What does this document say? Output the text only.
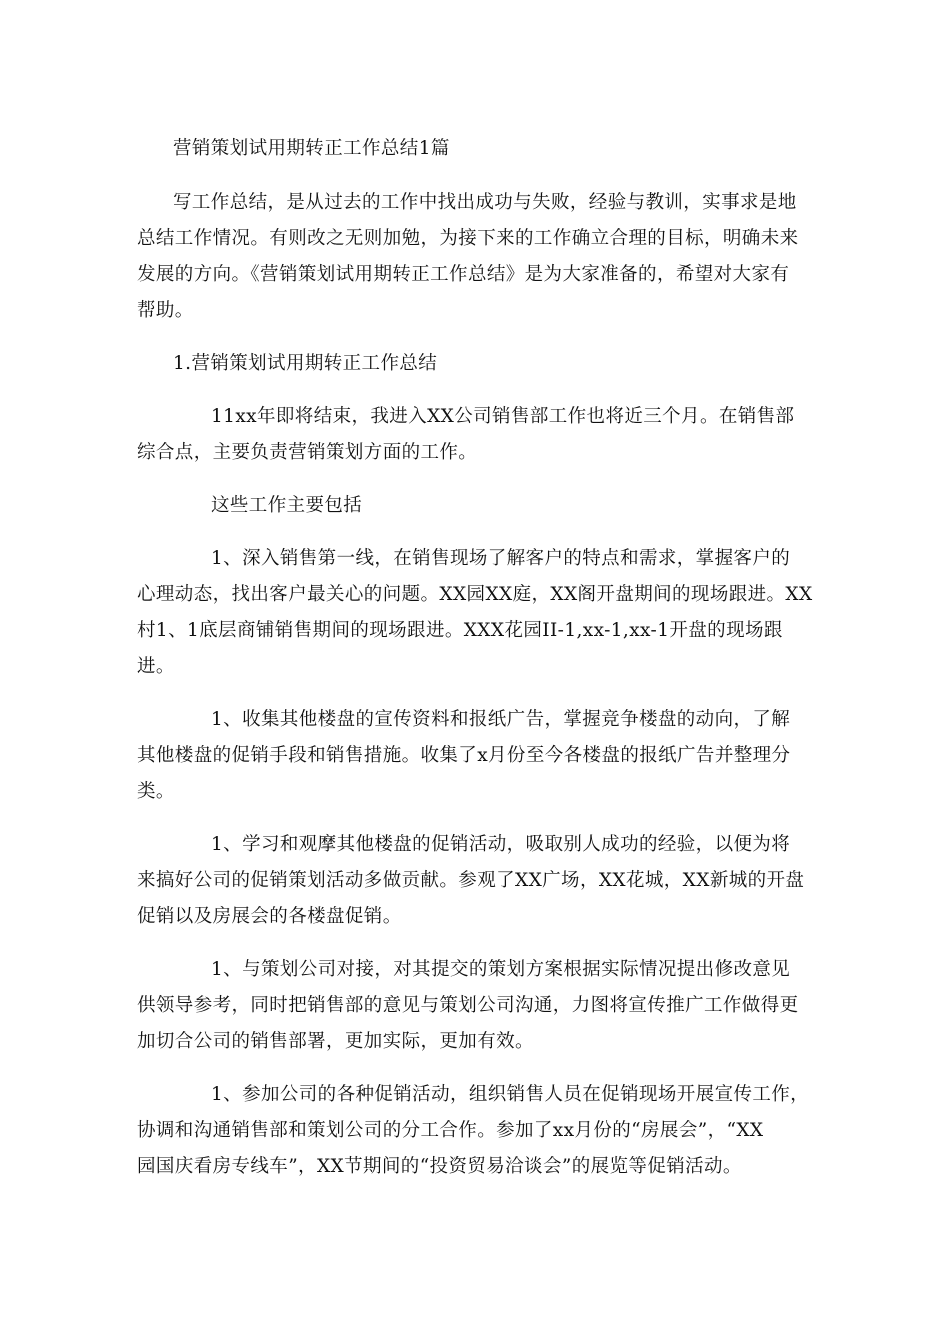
营销策划试用期转正工作总结1篇

写工作总结，是从过去的工作中找出成功与失败，经验与教训，实事求是地

总结工作情况。有则改之无则加勉，为接下来的工作确立合理的目标，明确未来

发展的方向。《营销策划试用期转正工作总结》是为大家准备的，希望对大家有

帮助。

1.营销策划试用期转正工作总结

11xx年即将结束，我进入XX公司销售部工作也将近三个月。在销售部

综合点，主要负责营销策划方面的工作。

这些工作主要包括

1、深入销售第一线，在销售现场了解客户的特点和需求，掌握客户的

心理动态，找出客户最关心的问题。XX园XX庭，XX阁开盘期间的现场跟进。XX

村1、1底层商铺销售期间的现场跟进。XXX花园II-1,xx-1,xx-1开盘的现场跟

进。

1、收集其他楼盘的宣传资料和报纸广告，掌握竞争楼盘的动向，了解

其他楼盘的促销手段和销售措施。收集了x月份至今各楼盘的报纸广告并整理分

类。

1、学习和观摩其他楼盘的促销活动，吸取别人成功的经验，以便为将

来搞好公司的促销策划活动多做贡献。参观了XX广场，XX花城，XX新城的开盘

促销以及房展会的各楼盘促销。

1、与策划公司对接，对其提交的策划方案根据实际情况提出修改意见

供领导参考，同时把销售部的意见与策划公司沟通，力图将宣传推广工作做得更

加切合公司的销售部署，更加实际，更加有效。

1、参加公司的各种促销活动，组织销售人员在促销现场开展宣传工作，

协调和沟通销售部和策划公司的分工合作。参加了xx月份的“房展会”，“XX

园国庆看房专线车”，XX节期间的“投资贸易洽谈会”的展览等促销活动。
